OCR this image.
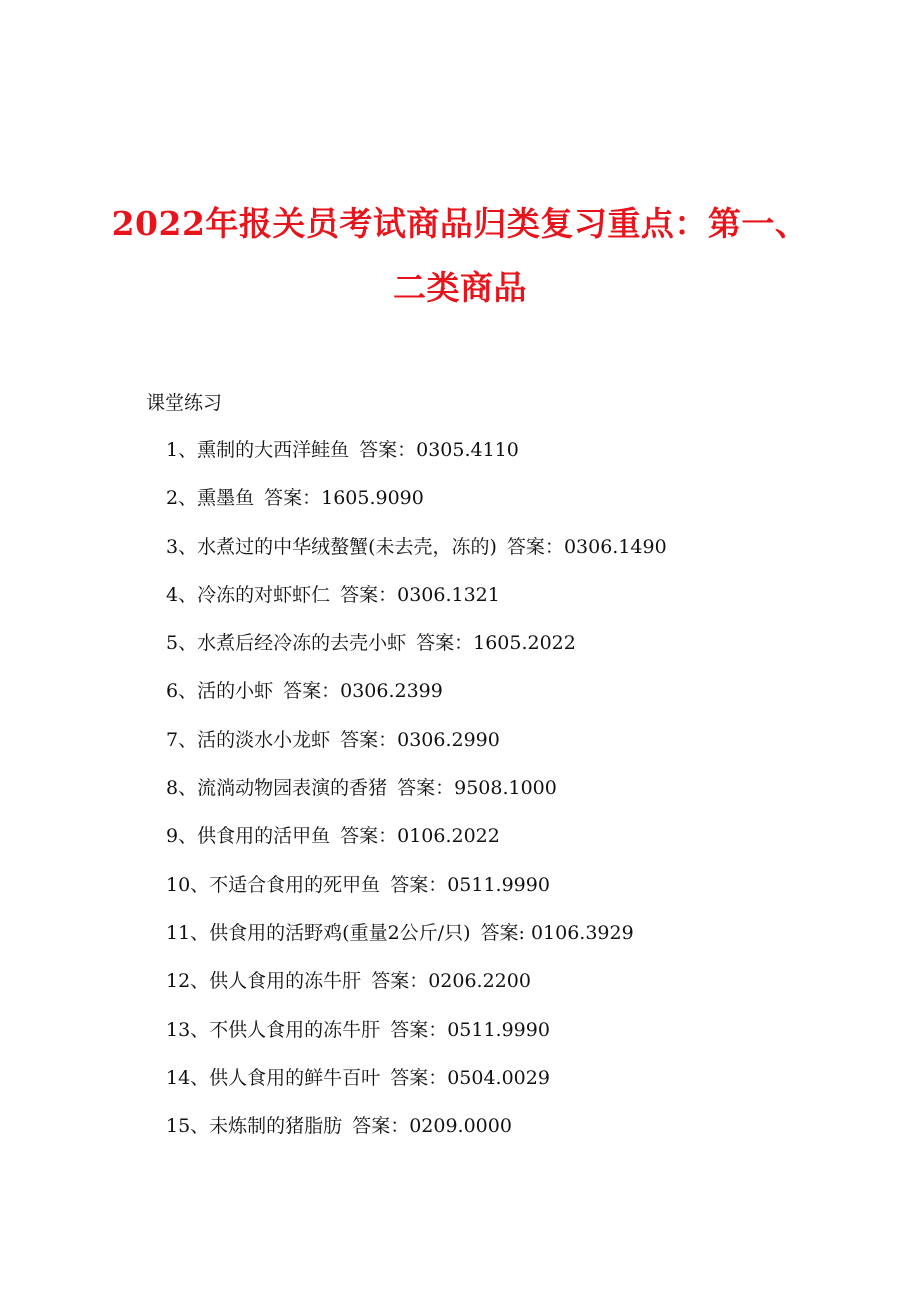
2022年报关员考试商品归类复习重点：第一、
二类商品
课堂练习
1、熏制的大西洋鲑鱼 答案：0305.4110
2、熏墨鱼 答案：1605.9090
3、水煮过的中华绒螯蟹(未去壳，冻的) 答案：0306.1490
4、冷冻的对虾虾仁 答案：0306.1321
5、水煮后经冷冻的去壳小虾 答案：1605.2022
6、活的小虾 答案：0306.2399
7、活的淡水小龙虾 答案：0306.2990
8、流淌动物园表演的香猪 答案：9508.1000
9、供食用的活甲鱼 答案：0106.2022
10、不适合食用的死甲鱼 答案：0511.9990
11、供食用的活野鸡(重量2公斤/只) 答案: 0106.3929
12、供人食用的冻牛肝 答案：0206.2200
13、不供人食用的冻牛肝 答案：0511.9990
14、供人食用的鲜牛百叶 答案：0504.0029
15、未炼制的猪脂肪 答案：0209.0000
